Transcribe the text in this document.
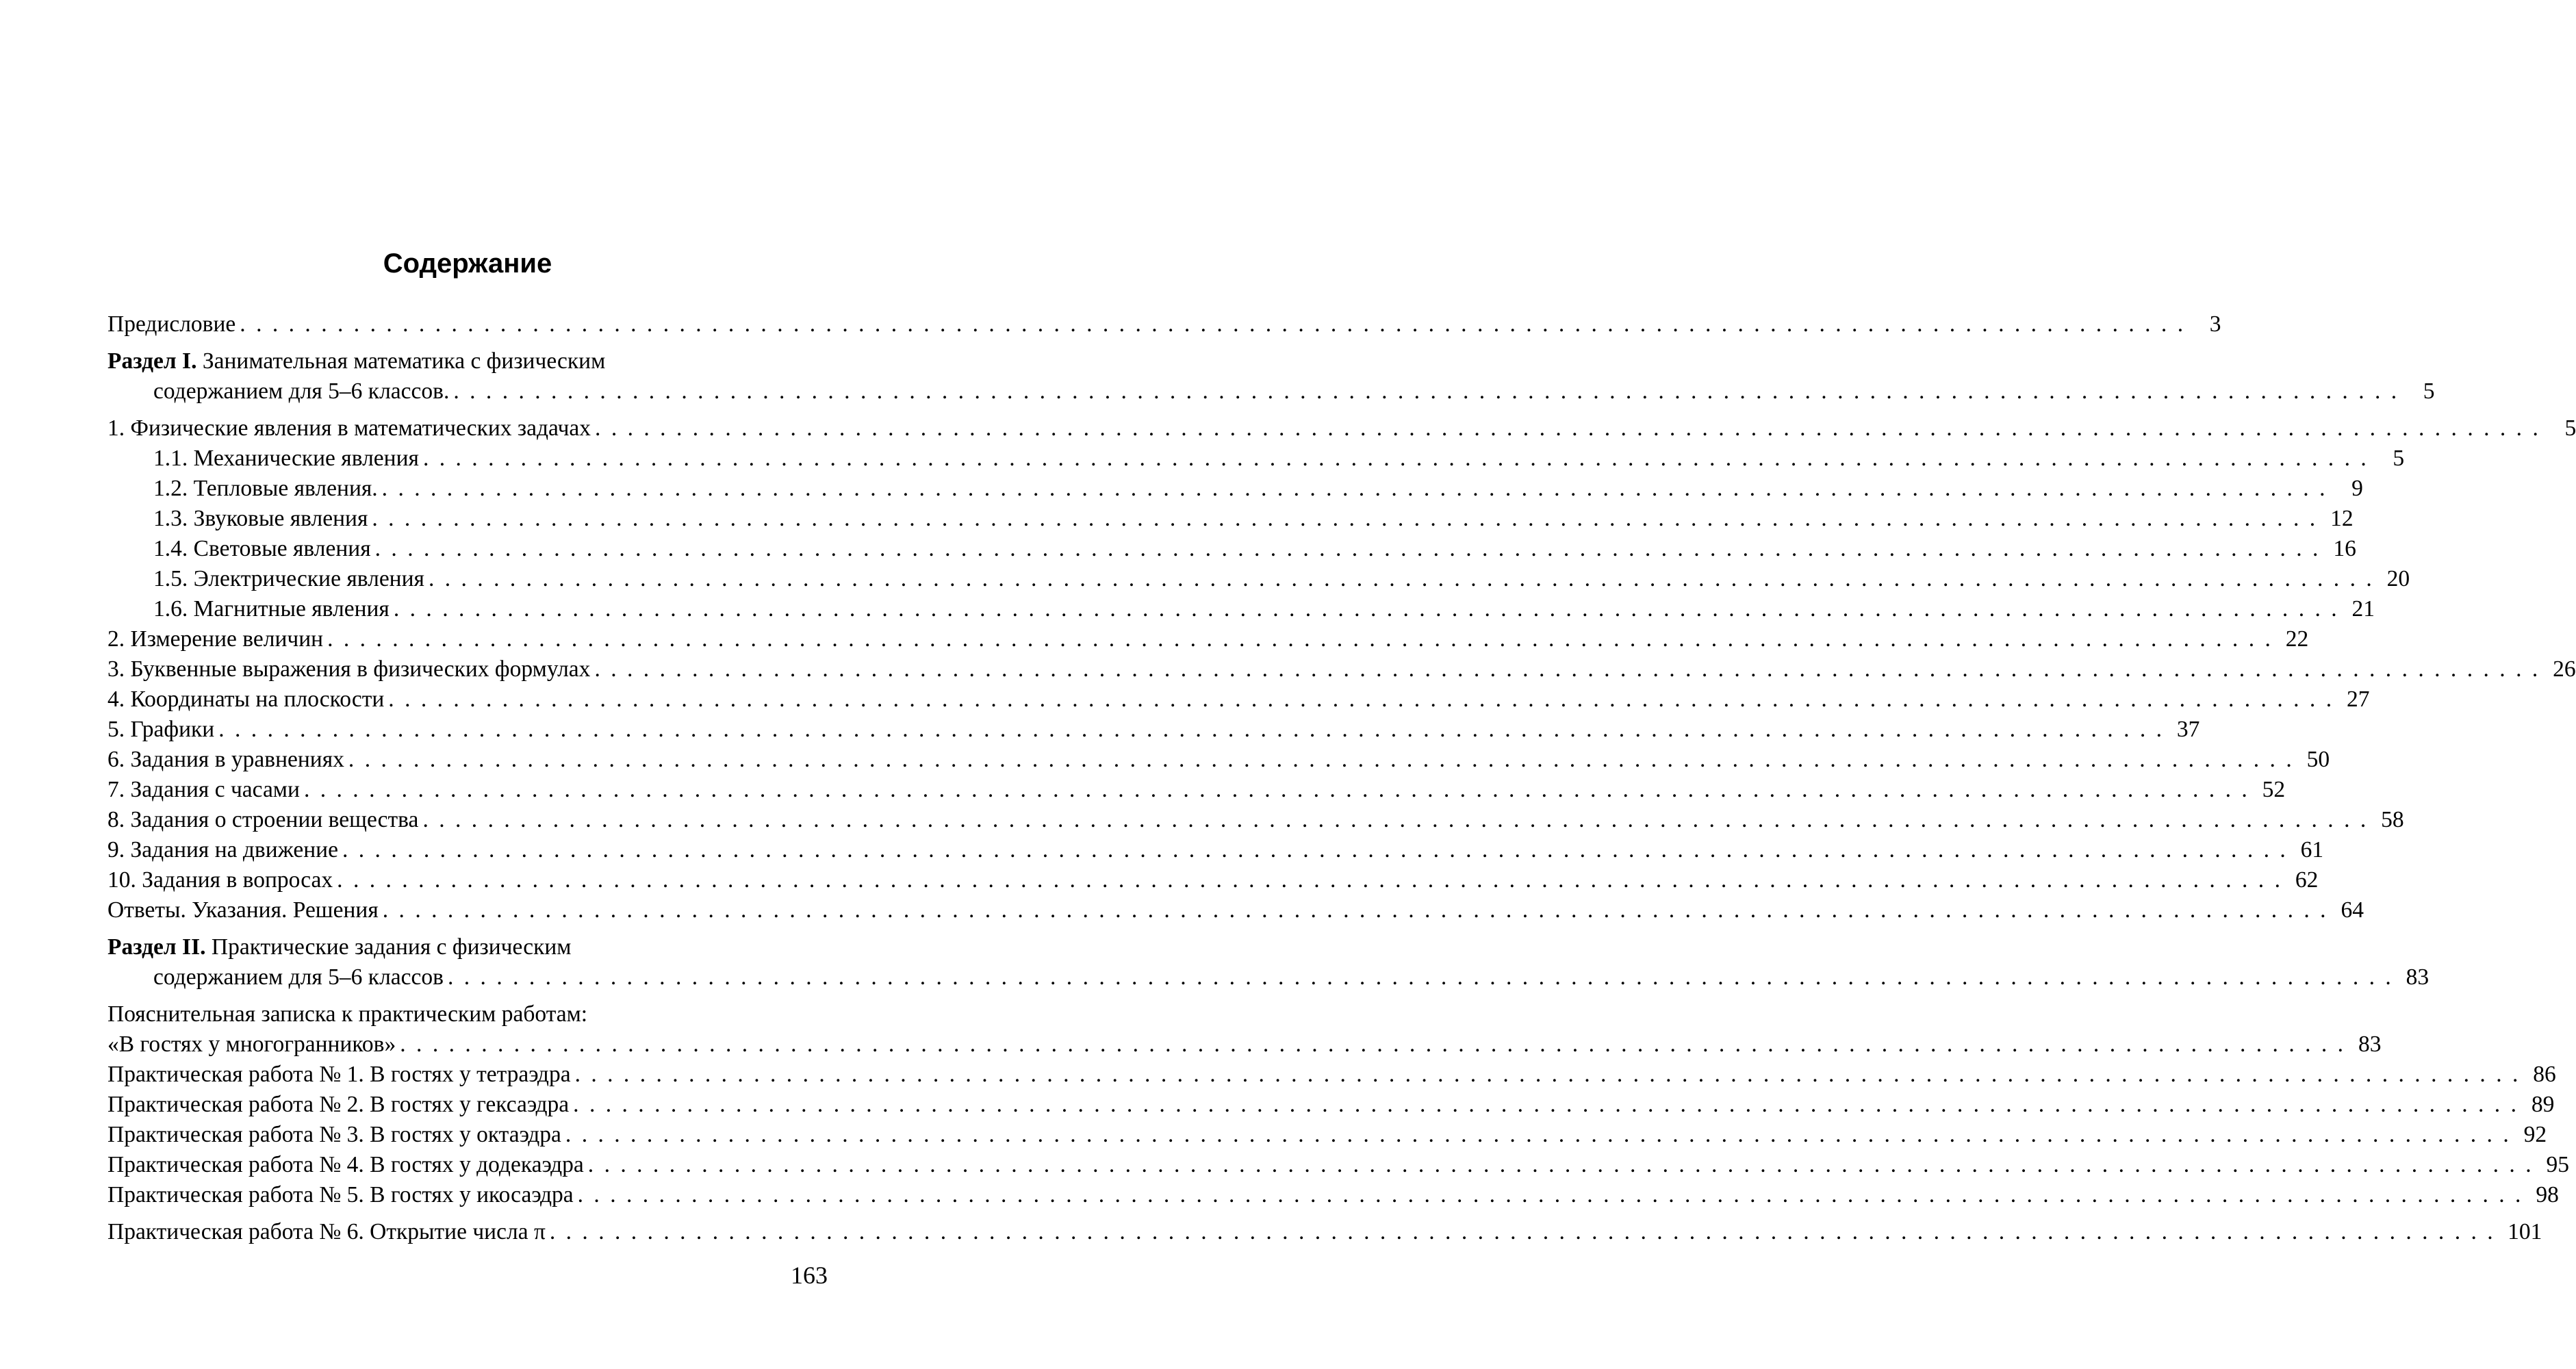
Содержание
Предисловие ........................................................................................................................ 3
Раздел I. Занимательная математика с физическим
содержанием для 5–6 классов. ........................................................................................................................ 5
1. Физические явления в математических задачах ........................................................................................................................ 5
1.1. Механические явления ........................................................................................................................ 5
1.2. Тепловые явления. ........................................................................................................................ 9
1.3. Звуковые явления ........................................................................................................................ 12
1.4. Световые явления ........................................................................................................................ 16
1.5. Электрические явления ........................................................................................................................ 20
1.6. Магнитные явления ........................................................................................................................ 21
2. Измерение величин ........................................................................................................................ 22
3. Буквенные выражения в физических формулах ........................................................................................................................ 26
4. Координаты на плоскости ........................................................................................................................ 27
5. Графики ........................................................................................................................ 37
6. Задания в уравнениях ........................................................................................................................ 50
7. Задания с часами ........................................................................................................................ 52
8. Задания о строении вещества ........................................................................................................................ 58
9. Задания на движение ........................................................................................................................ 61
10. Задания в вопросах ........................................................................................................................ 62
Ответы. Указания. Решения ........................................................................................................................ 64
Раздел II. Практические задания с физическим
содержанием для 5–6 классов ........................................................................................................................ 83
Пояснительная записка к практическим работам:
«В гостях у многогранников» ........................................................................................................................ 83
Практическая работа № 1. В гостях у тетраэдра ........................................................................................................................ 86
Практическая работа № 2. В гостях у гексаэдра ........................................................................................................................ 89
Практическая работа № 3. В гостях у октаэдра ........................................................................................................................ 92
Практическая работа № 4. В гостях у додекаэдра ........................................................................................................................ 95
Практическая работа № 5. В гостях у икосаэдра ........................................................................................................................ 98
Практическая работа № 6. Открытие числа π ........................................................................................................................ 101
163
